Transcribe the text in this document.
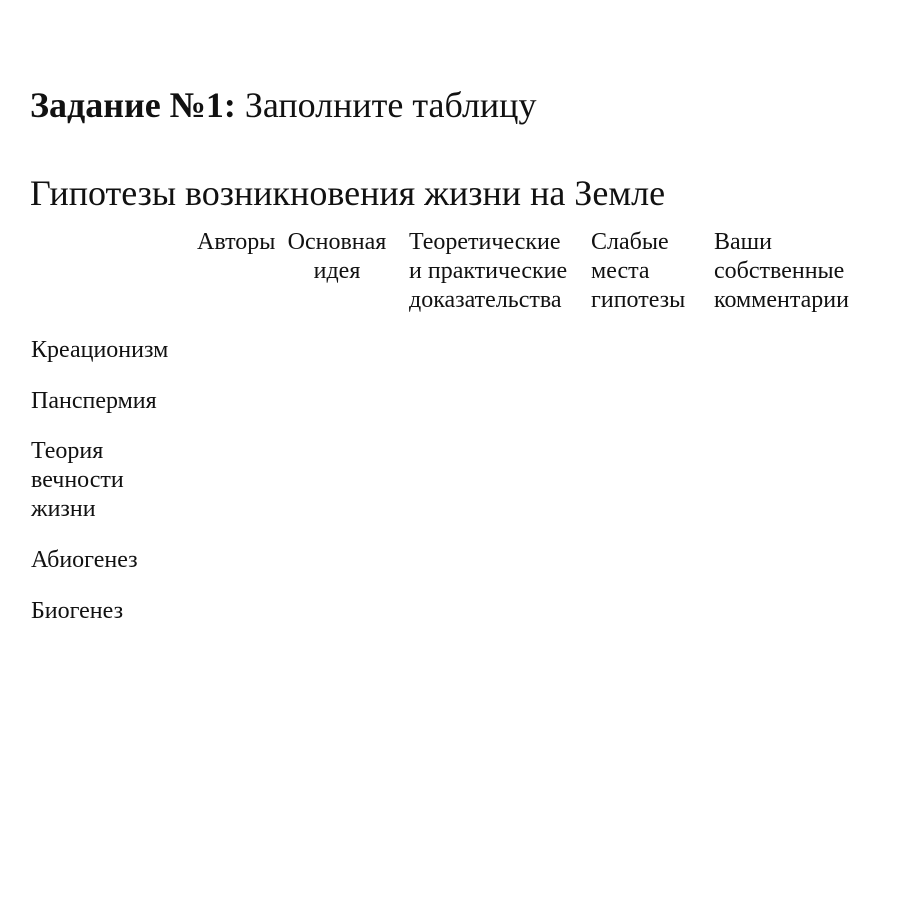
Задание №1: Заполните таблицу
Гипотезы возникновения жизни на Земле
Авторы Основная
идея
Теоретические
и практические
доказательства
Слабые
места
гипотезы
Ваши
собственные
комментарии
Креационизм
Панспермия
Теория
вечности
жизни
Абиогенез
Биогенез
